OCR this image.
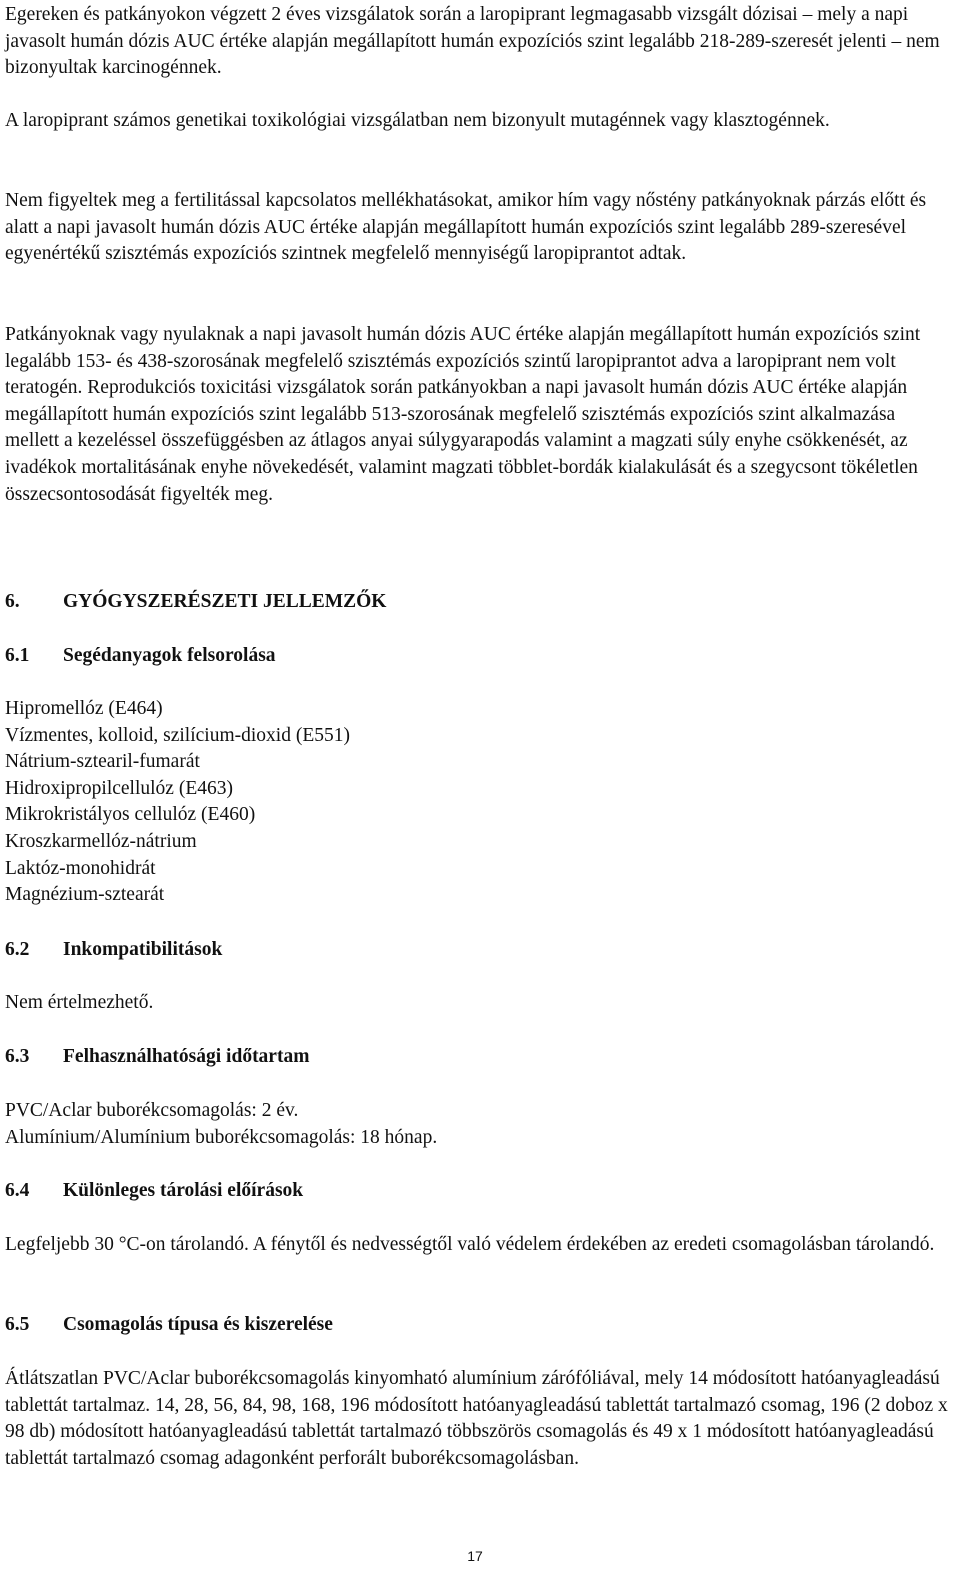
Egereken és patkányokon végzett 2 éves vizsgálatok során a laropiprant legmagasabb vizsgált dózisai – mely a napi javasolt humán dózis AUC értéke alapján megállapított humán expozíciós szint legalább 218-289-szeresét jelenti – nem bizonyultak karcinogénnek.

A laropiprant számos genetikai toxikológiai vizsgálatban nem bizonyult mutagénnek vagy klasztogénnek.

Nem figyeltek meg a fertilitással kapcsolatos mellékhatásokat, amikor hím vagy nőstény patkányoknak párzás előtt és alatt a napi javasolt humán dózis AUC értéke alapján megállapított humán expozíciós szint legalább 289-szeresével egyenértékű szisztémás expozíciós szintnek megfelelő mennyiségű laropiprantot adtak.

Patkányoknak vagy nyulaknak a napi javasolt humán dózis AUC értéke alapján megállapított humán expozíciós szint legalább 153- és 438-szorosának megfelelő szisztémás expozíciós szintű laropiprantot adva a laropiprant nem volt teratogén. Reprodukciós toxicitási vizsgálatok során patkányokban a napi javasolt humán dózis AUC értéke alapján megállapított humán expozíciós szint legalább 513-szorosának megfelelő szisztémás expozíciós szint alkalmazása mellett a kezeléssel összefüggésben az átlagos anyai súlygyarapodás valamint a magzati súly enyhe csökkenését, az ivadékok mortalitásának enyhe növekedését, valamint magzati többlet-bordák kialakulását és a szegycsont tökéletlen összecsontosodását figyelték meg.

6. GYÓGYSZERÉSZETI JELLEMZŐK
6.1 Segédanyagok felsorolása
Hipromellóz (E464)
Vízmentes, kolloid, szilícium-dioxid (E551)
Nátrium-sztearil-fumarát
Hidroxipropilcellulóz (E463)
Mikrokristályos cellulóz (E460)
Kroszkarmellóz-nátrium
Laktóz-monohidrát
Magnézium-sztearát
6.2 Inkompatibilitások

Nem értelmezhető.

6.3 Felhasználhatósági időtartam
PVC/Aclar buborékcsomagolás: 2 év.
Alumínium/Alumínium buborékcsomagolás: 18 hónap.
6.4 Különleges tárolási előírások

Legfeljebb 30 °C-on tárolandó. A fénytől és nedvességtől való védelem érdekében az eredeti csomagolásban tárolandó.

6.5 Csomagolás típusa és kiszerelése

Átlátszatlan PVC/Aclar buborékcsomagolás kinyomható alumínium zárófóliával, mely 14 módosított hatóanyagleadású tablettát tartalmaz. 14, 28, 56, 84, 98, 168, 196 módosított hatóanyagleadású tablettát tartalmazó csomag, 196 (2 doboz x 98 db) módosított hatóanyagleadású tablettát tartalmazó többszörös csomagolás és 49 x 1 módosított hatóanyagleadású tablettát tartalmazó csomag adagonként perforált buborékcsomagolásban.

17
